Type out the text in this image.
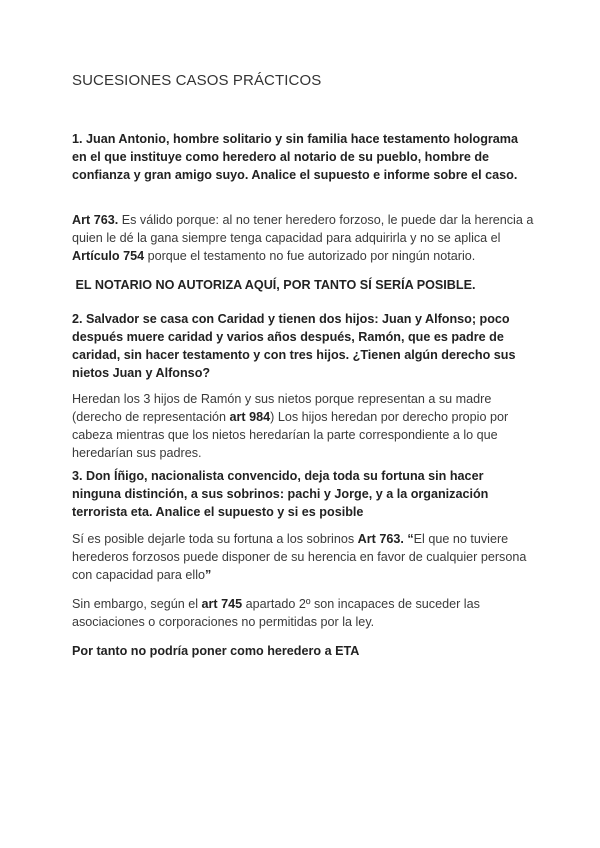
SUCESIONES CASOS PRÁCTICOS

1. Juan Antonio, hombre solitario y sin familia hace testamento holograma en el que instituye como heredero al notario de su pueblo, hombre de confianza y gran amigo suyo. Analice el supuesto e informe sobre el caso.

Art 763. Es válido porque: al no tener heredero forzoso, le puede dar la herencia a quien le dé la gana siempre tenga capacidad para adquirirla y no se aplica el Artículo 754 porque el testamento no fue autorizado por ningún notario.

EL NOTARIO NO AUTORIZA AQUÍ, POR TANTO SÍ SERÍA POSIBLE.

2. Salvador se casa con Caridad y tienen dos hijos: Juan y Alfonso; poco después muere caridad y varios años después, Ramón, que es padre de caridad, sin hacer testamento y con tres hijos. ¿Tienen algún derecho sus nietos Juan y Alfonso?

Heredan los 3 hijos de Ramón y sus nietos porque representan a su madre (derecho de representación art 984) Los hijos heredan por derecho propio por cabeza mientras que los nietos heredarían la parte correspondiente a lo que heredarían sus padres.

3. Don Íñigo, nacionalista convencido, deja toda su fortuna sin hacer ninguna distinción, a sus sobrinos: pachi y Jorge, y a la organización terrorista eta. Analice el supuesto y si es posible

Sí es posible dejarle toda su fortuna a los sobrinos Art 763. “El que no tuviere herederos forzosos puede disponer de su herencia en favor de cualquier persona con capacidad para ello”

Sin embargo, según el art 745 apartado 2º son incapaces de suceder las asociaciones o corporaciones no permitidas por la ley.

Por tanto no podría poner como heredero a ETA
